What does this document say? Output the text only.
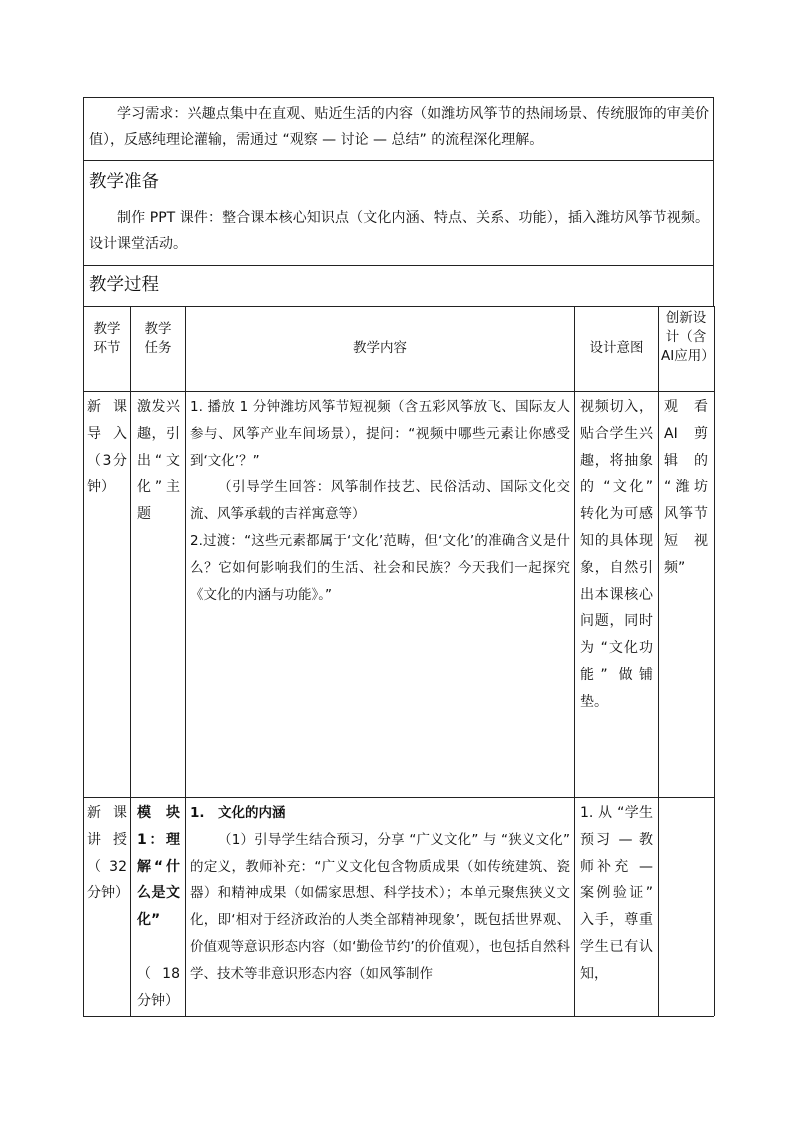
学习需求：兴趣点集中在直观、贴近生活的内容（如潍坊风筝节的热闹场景、传统服饰的审美价值），反感纯理论灌输，需通过 “观察 — 讨论 — 总结” 的流程深化理解。
教学准备
制作 PPT 课件：整合课本核心知识点（文化内涵、特点、关系、功能），插入潍坊风筝节视频。设计课堂活动。
教学过程
教学环节
教学任务	教学内容	设计意图
创新设计（含AI应用）
新课导入（3分钟）
激发兴趣，引出“文化”主题

1. 播放 1 分钟潍坊风筝节短视频（含五彩风筝放飞、国际友人参与、风筝产业车间场景），提问：“视频中哪些元素让你感受到‘文化’？”

（引导学生回答：风筝制作技艺、民俗活动、国际文化交流、风筝承载的吉祥寓意等）

2.过渡：“这些元素都属于‘文化’范畴，但‘文化’的准确含义是什么？它如何影响我们的生活、社会和民族？今天我们一起探究《文化的内涵与功能》。”

视频切入，贴合学生兴趣，将抽象的 “文化” 转化为可感知的具体现象，自然引出本课核心问题，同时为 “文化功能” 做铺垫。
观看 AI 剪辑的 “潍坊风筝节短视频”
新课讲授（32分钟）
模块1：理解“什么是文化”
（18分钟）

1.　文化的内涵

（1）引导学生结合预习，分享 “广义文化” 与 “狭义文化” 的定义，教师补充：“广义文化包含物质成果（如传统建筑、瓷器）和精神成果（如儒家思想、科学技术）；本单元聚焦狭义文化，即‘相对于经济政治的人类全部精神现象’，既包括世界观、价值观等意识形态内容（如‘勤俭节约’的价值观），也包括自然科学、技术等非意识形态内容（如风筝制作

1. 从 “学生预习 — 教师补充 — 案例验证” 入手，尊重学生已有认知，
